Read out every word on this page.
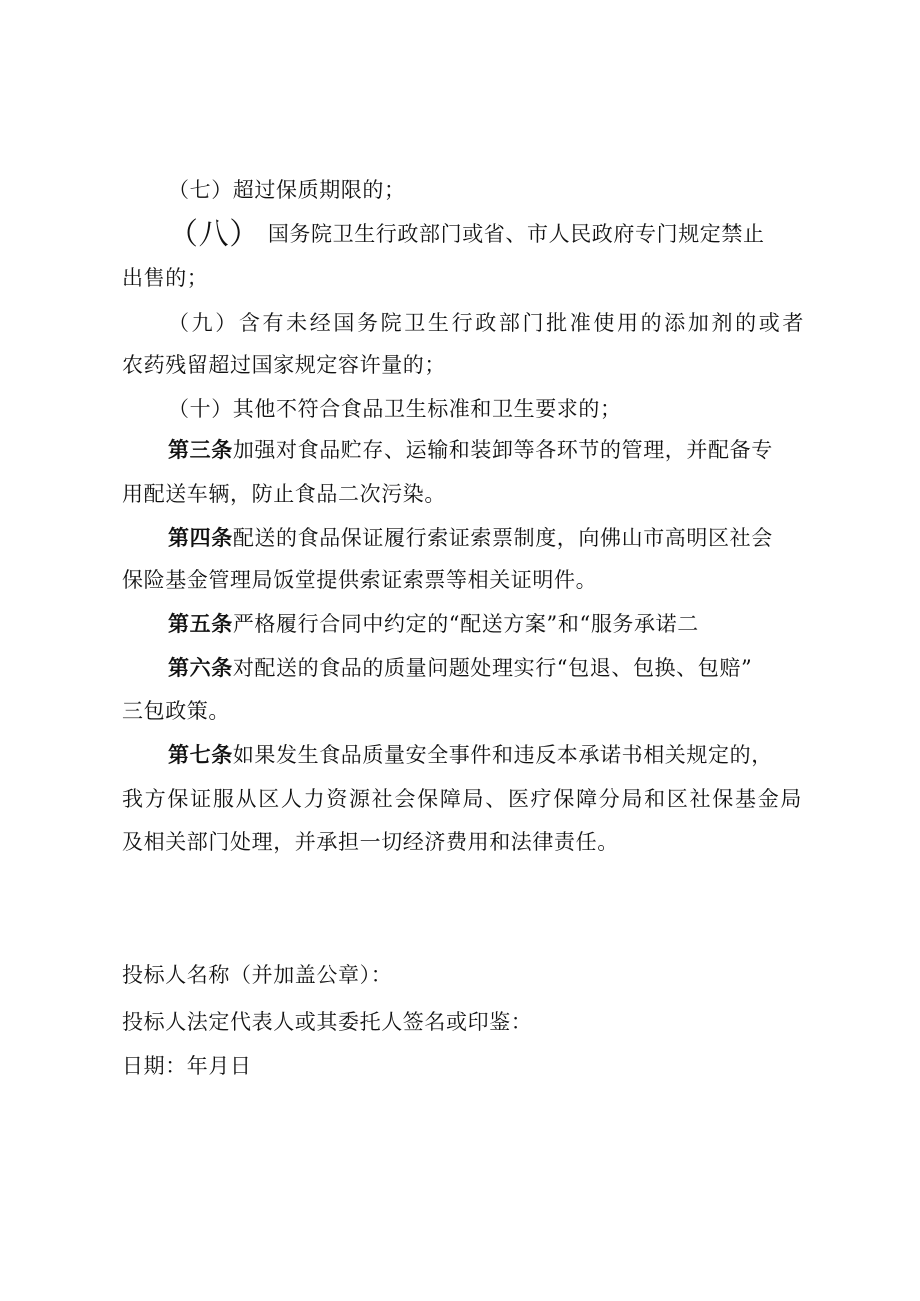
（七）超过保质期限的；
（八） 国务院卫生行政部门或省、市人民政府专门规定禁止
出售的；
（九）含有未经国务院卫生行政部门批准使用的添加剂的或者
农药残留超过国家规定容许量的；
（十）其他不符合食品卫生标准和卫生要求的；
第三条加强对食品贮存、运输和装卸等各环节的管理，并配备专
用配送车辆，防止食品二次污染。
第四条配送的食品保证履行索证索票制度，向佛山市高明区社会
保险基金管理局饭堂提供索证索票等相关证明件。
第五条严格履行合同中约定的“配送方案”和“服务承诺二
第六条对配送的食品的质量问题处理实行“包退、包换、包赔”
三包政策。
第七条如果发生食品质量安全事件和违反本承诺书相关规定的，
我方保证服从区人力资源社会保障局、医疗保障分局和区社保基金局
及相关部门处理，并承担一切经济费用和法律责任。
投标人名称（并加盖公章）：
投标人法定代表人或其委托人签名或印鉴：
日期：年月日
